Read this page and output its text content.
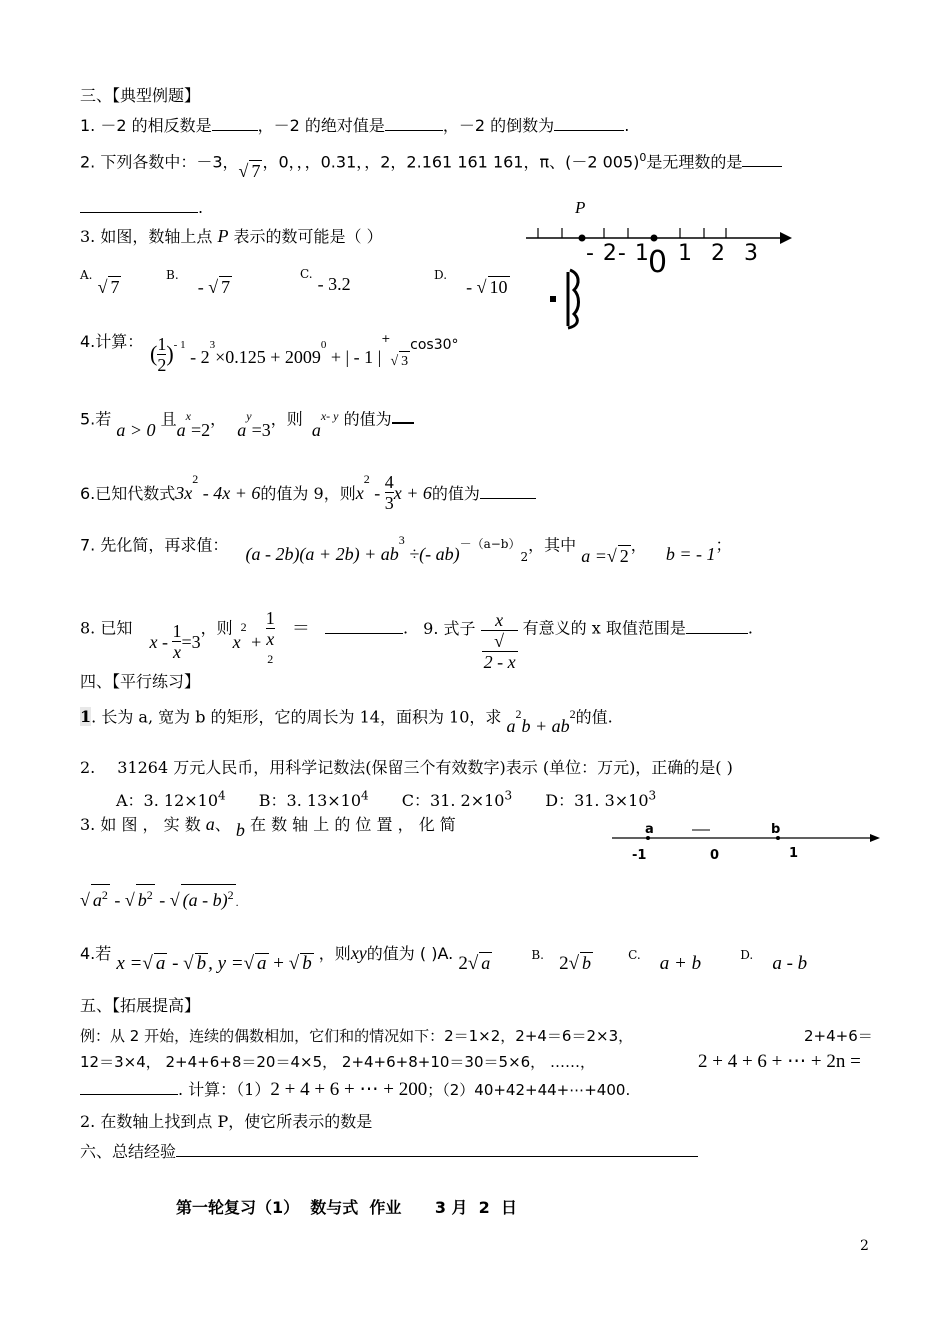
三、【典型例题】
1. －2 的相反数是	，－2 的绝对值是	，－2 的倒数为	.
2. 下列各数中：－3，√ 7 ，0，，，0.31，，2，2.161 161 161，π、(－2 005)$^0$是无理数的是
.
3. 如图，数轴上点 P 表示的数可能是（ ）
P
- 2- 1
0 1 2 3
A. √ 7
B. - √ 7
C. - 3.2	D. - √ 10
4.计算： ( $\frac{1}{2} )^{- 1} - 2^3\times 0.125 + 2009^0$ + | - 1 $|^+_{√ 3}\cos 30^\circ$
5.若 a > 0 且$a^x=2$， $a^y=3$，则 $a^{x- y}$ 的值为
6.已知代数式$3x^2 - 4x + 6$的值为 9，则$x^2 - \frac{4}{3}$ x + 6的值为
7. 先化简，再求值： $(a - 2b)(a + 2b) + ab^3$ ÷(- $ab)-(a-b)_2$，其中 a =√ 2， b = - 1；
8. 已知 $x - \frac{1}{x} =3$，则$x^2 + 1$
x
$^2$ ＝	. 9. 式子 x
√
2 - x 有意义的 x 取值范围是	.
四、【平行练习】
1. 长为 a, 宽为 b 的矩形，它的周长为 14，面积为 10，求 $a^2b + ab^2$的值.
2. 31264 万元人民币，用科学记数法(保留三个有效数字)表示 (单位：万元)，正确的是( )
A：3. $12\times 10^4$ B：3. $13\times 10^4$ C：31. $2\times 10^3$ D：31. $3\times 10^3$
3. 如 图 ， 实 数 a、 b 在 数 轴 上 的 位 置 ， 化 简	a	b
-1	0	1
√ $a^2$ - √ $b^2$ - √ (a - b)$^2$ .
4.若 x =√ a - √ b , y =√ a + √ b ，则xy的值为 ( )A. 2√ a	B. 2√ b	C. a + b	D. a - b
五、【拓展提高】
例：从 2 开始，连续的偶数相加，它们和的情况如下：2＝1×2，2+4＝6＝2×3，	2+4+6＝
12＝3×4， 2+4+6+8＝20＝4×5， 2+4+6+8+10＝30＝5×6， ……，	2 + 4 + 6 + ⋯ + 2n =
. 计算：（1）2 + 4 + 6 + ⋯ + 200；（2）40+42+44+⋯+400.
2. 在数轴上找到点 P，使它所表示的数是
六、总结经验
第一轮复习（1）  数与式  作业      3 月  2  日
2
